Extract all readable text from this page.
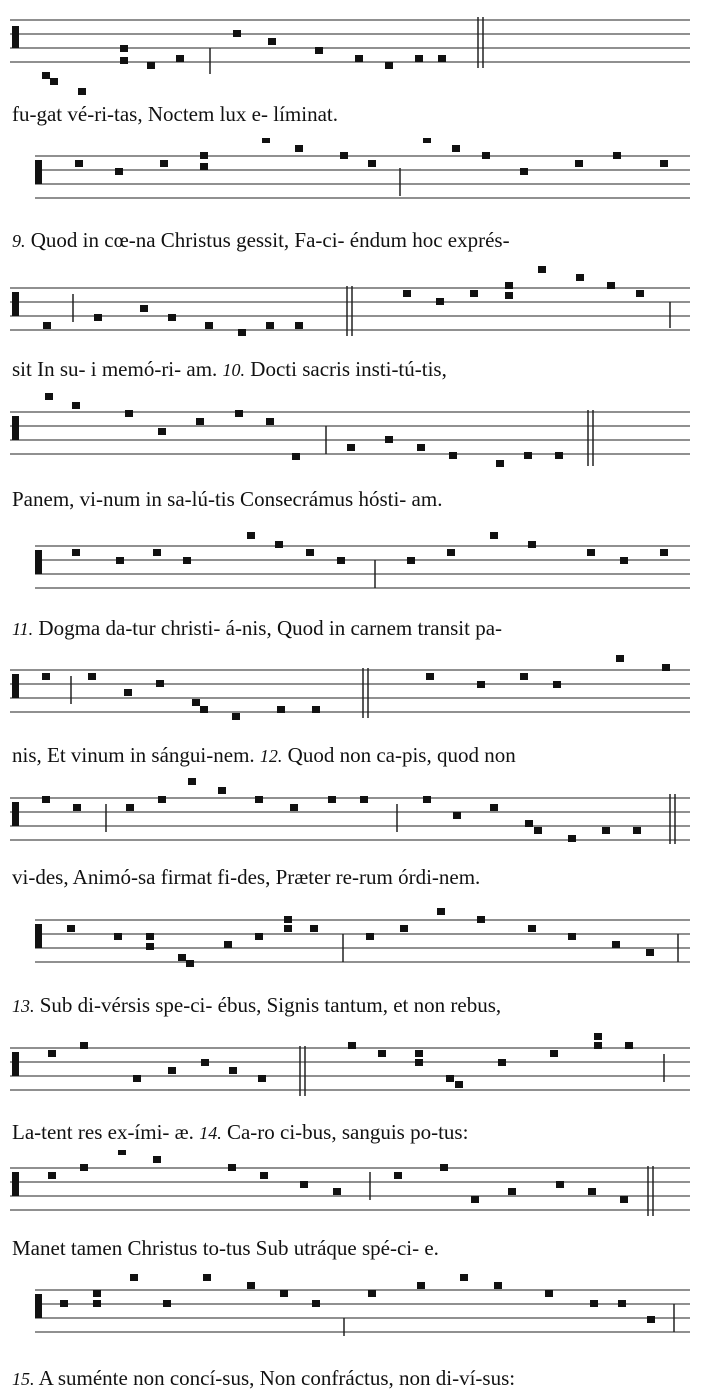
fu-gat vé-ri-tas, Noctem lux e- líminat.
9. Quod in cœ-na Christus gessit, Fa-ci- éndum hoc exprés-
sit In su- i memó-ri- am. 10. Docti sacris insti-tú-tis,
Panem, vi-num in sa-lú-tis Consecrámus hósti- am.
11. Dogma da-tur christi- á-nis, Quod in carnem transit pa-
nis, Et vinum in sángui-nem. 12. Quod non ca-pis, quod non
vi-des, Animó-sa firmat fi-des, Præter re-rum órdi-nem.
13. Sub di-vérsis spe-ci- ébus, Signis tantum, et non rebus,
La-tent res ex-ími- æ. 14. Ca-ro ci-bus, sanguis po-tus:
Manet tamen Christus to-tus Sub utráque spé-ci- e.
15. A suménte non concí-sus, Non confráctus, non di-ví-sus:
